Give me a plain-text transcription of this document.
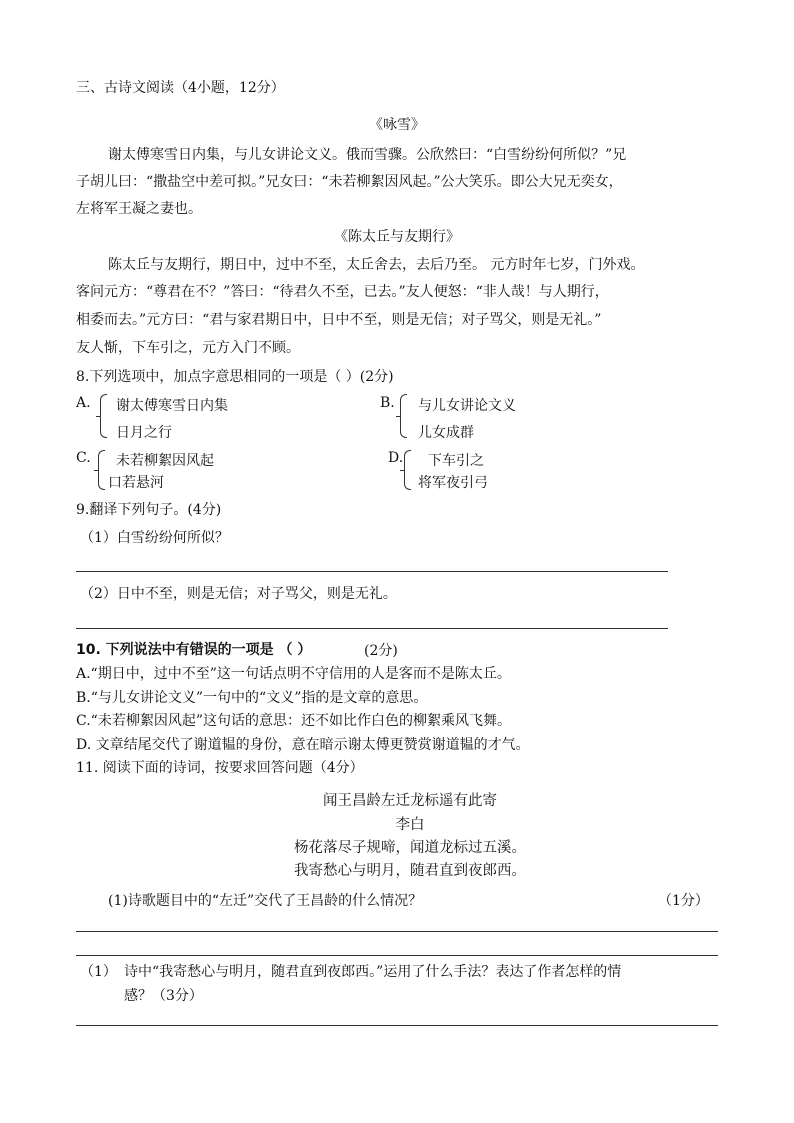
三、古诗文阅读（4小题，12分）
《咏雪》
谢太傅寒雪日内集，与儿女讲论文义。俄而雪骤。公欣然曰：“白雪纷纷何所似？”兄
子胡儿曰：“撒盐空中差可拟。”兄女曰：“未若柳絮因风起。”公大笑乐。即公大兄无奕女，
左将军王凝之妻也。
《陈太丘与友期行》
陈太丘与友期行，期日中，过中不至，太丘舍去，去后乃至。 元方时年七岁，门外戏。
客问元方：“尊君在不？”答曰：“待君久不至，已去。”友人便怒：“非人哉！与人期行，
相委而去。”元方曰：“君与家君期日中，日中不至，则是无信；对子骂父，则是无礼。”
友人惭，下车引之，元方入门不顾。
8.下列选项中，加点字意思相同的一项是（ ）(2分)
A. 谢太傅寒雪日内集
日月之行
B. 与儿女讲论文义
儿女成群
C. 未若柳絮因风起
口若悬河
D. 下车引之
将军夜引弓
9.翻译下列句子。(4分)
（1）白雪纷纷何所似？
（2）日中不至，则是无信；对子骂父，则是无礼。
10. 下列说法中有错误的一项是 （ ）	(2分)
A.“期日中，过中不至”这一句话点明不守信用的人是客而不是陈太丘。
B.“与儿女讲论文义”一句中的“文义”指的是文章的意思。
C.“未若柳絮因风起”这句话的意思：还不如比作白色的柳絮乘风飞舞。
D. 文章结尾交代了谢道韫的身份，意在暗示谢太傅更赞赏谢道韫的才气。
11. 阅读下面的诗词，按要求回答问题（4分）
闻王昌龄左迁龙标遥有此寄
李白
杨花落尽子规啼，闻道龙标过五溪。
我寄愁心与明月，随君直到夜郎西。
(1)诗歌题目中的“左迁”交代了王昌龄的什么情况？	（1分）
（1） 诗中“我寄愁心与明月，随君直到夜郎西。”运用了什么手法？表达了作者怎样的情
感？（3分）
